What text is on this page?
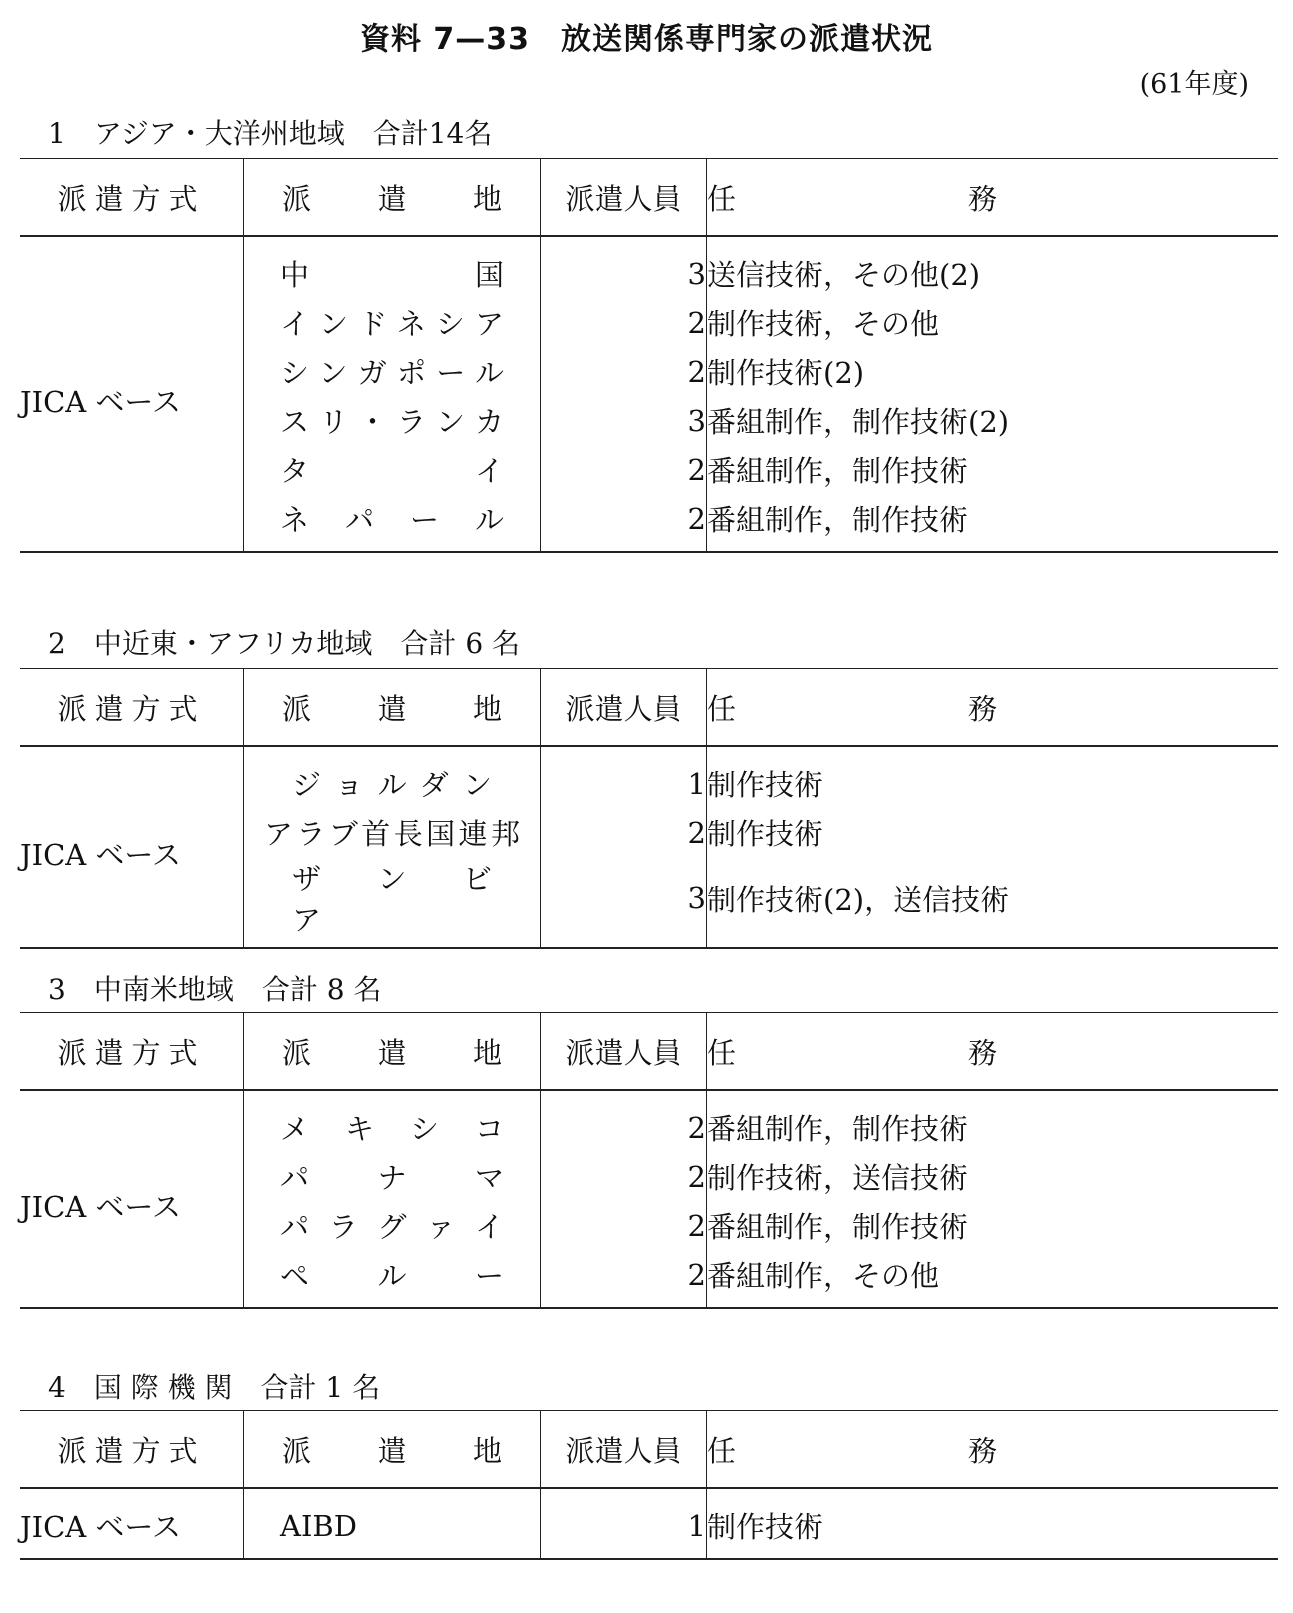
資料 7—33　放送関係専門家の派遣状況
(61年度)
1　アジア・大洋州地域　合計14名
派遣方式	派　遣　地	派遣人員	任　　務
JICA ベース	中　　　国	3	送信技術，その他(2)
	インドネシア	2	制作技術，その他
	シンガポール	2	制作技術(2)
	スリ・ランカ	3	番組制作，制作技術(2)
	タ　　　　イ	2	番組制作，制作技術
	ネ　パ　ー　ル	2	番組制作，制作技術
2　中近東・アフリカ地域　合計 6 名
派遣方式	派　遣　地	派遣人員	任　　務
JICA ベース	ジョルダン	1	制作技術
	アラブ首長国連邦	2	制作技術
	ザ　ン　ビ　ア	3	制作技術(2)，送信技術
3　中南米地域　合計 8 名
派遣方式	派　遣　地	派遣人員	任　　務
JICA ベース	メ　キ　シ　コ	2	番組制作，制作技術
	パ　　ナ　　マ	2	制作技術，送信技術
	パラグァイ	2	番組制作，制作技術
	ペ　　ル　　ー	2	番組制作，その他
4　国 際 機 関　合計 1 名
派遣方式	派　遣　地	派遣人員	任　　務
JICA ベース	AIBD	1	制作技術
